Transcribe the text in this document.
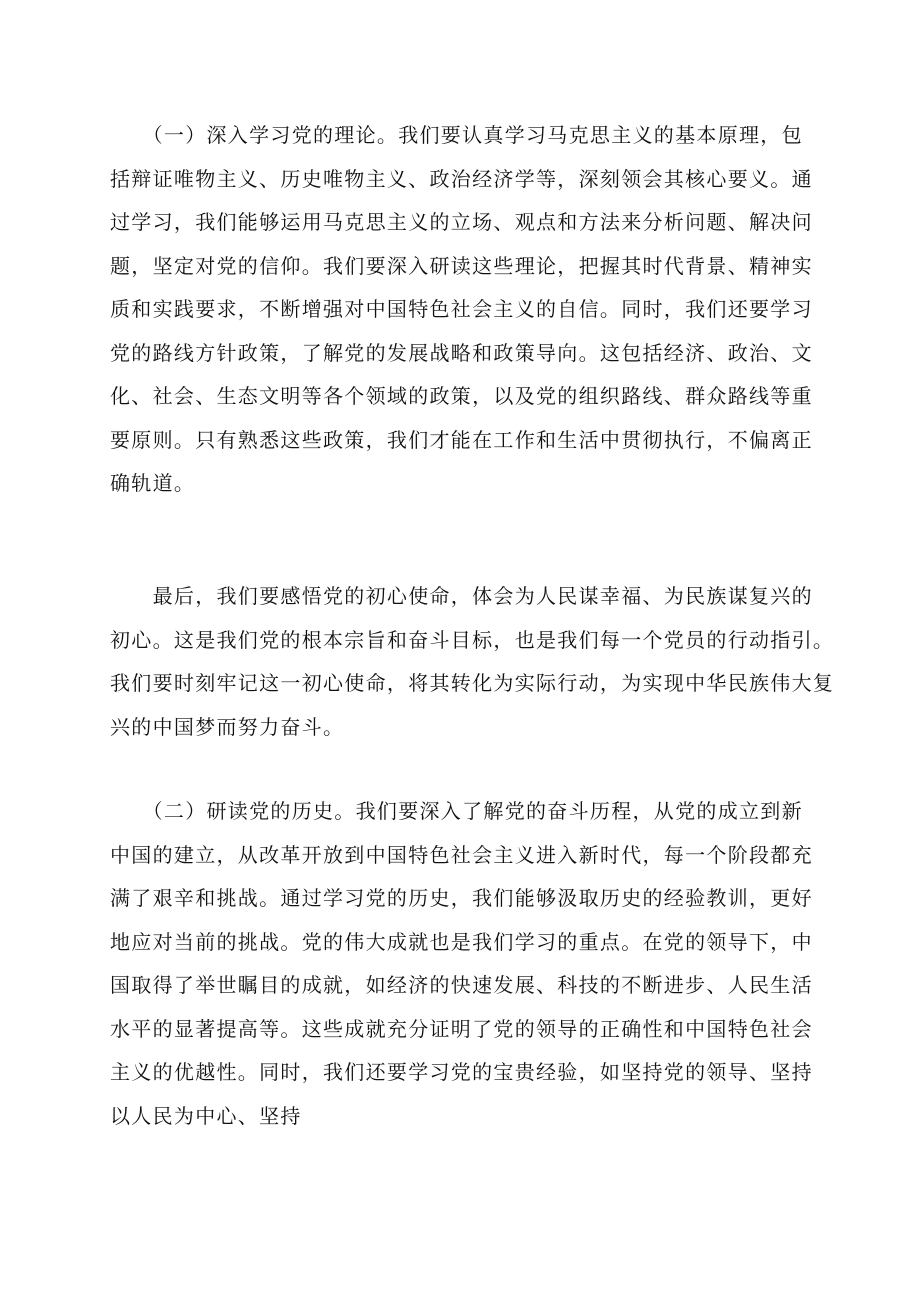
　　（一）深入学习党的理论。我们要认真学习马克思主义的基本原理，包
括辩证唯物主义、历史唯物主义、政治经济学等，深刻领会其核心要义。通
过学习，我们能够运用马克思主义的立场、观点和方法来分析问题、解决问
题，坚定对党的信仰。我们要深入研读这些理论，把握其时代背景、精神实
质和实践要求，不断增强对中国特色社会主义的自信。同时，我们还要学习
党的路线方针政策，了解党的发展战略和政策导向。这包括经济、政治、文
化、社会、生态文明等各个领域的政策，以及党的组织路线、群众路线等重
要原则。只有熟悉这些政策，我们才能在工作和生活中贯彻执行，不偏离正
确轨道。

　　最后，我们要感悟党的初心使命，体会为人民谋幸福、为民族谋复兴的
初心。这是我们党的根本宗旨和奋斗目标，也是我们每一个党员的行动指引。
我们要时刻牢记这一初心使命，将其转化为实际行动，为实现中华民族伟大复
兴的中国梦而努力奋斗。

　　（二）研读党的历史。我们要深入了解党的奋斗历程，从党的成立到新
中国的建立，从改革开放到中国特色社会主义进入新时代，每一个阶段都充
满了艰辛和挑战。通过学习党的历史，我们能够汲取历史的经验教训，更好
地应对当前的挑战。党的伟大成就也是我们学习的重点。在党的领导下，中
国取得了举世瞩目的成就，如经济的快速发展、科技的不断进步、人民生活
水平的显著提高等。这些成就充分证明了党的领导的正确性和中国特色社会
主义的优越性。同时，我们还要学习党的宝贵经验，如坚持党的领导、坚持
以人民为中心、坚持
